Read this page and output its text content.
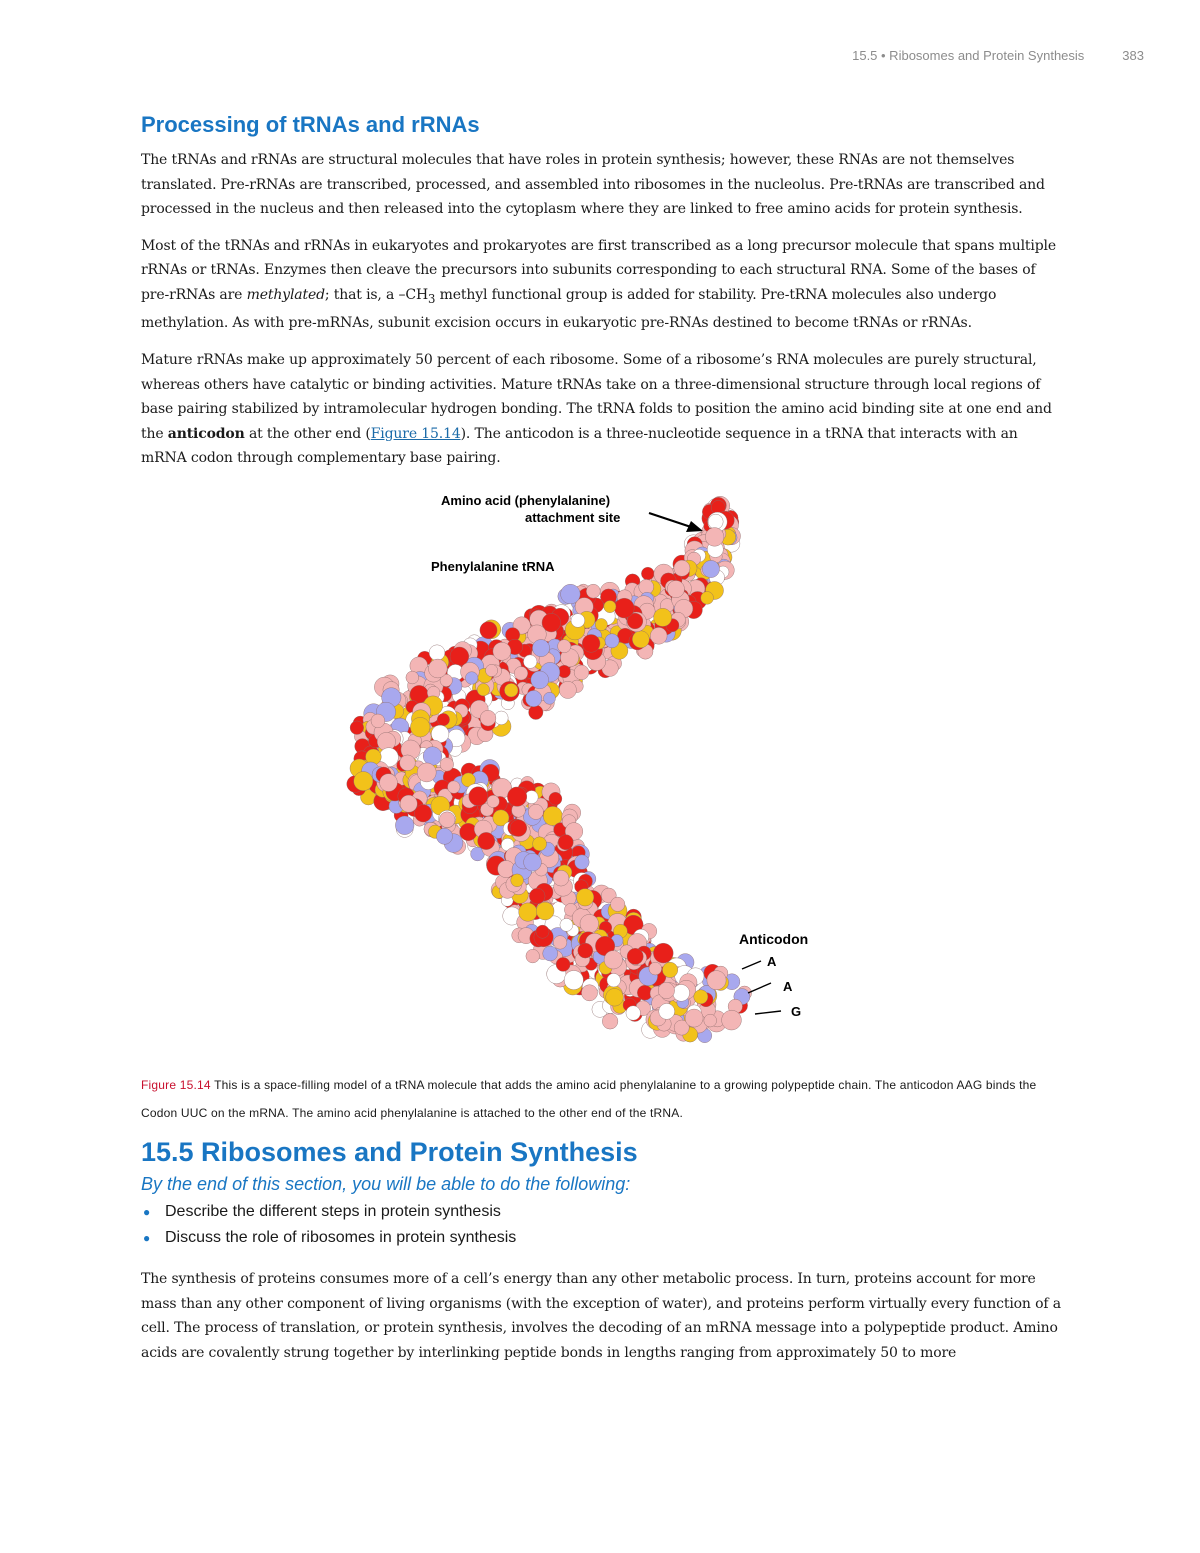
15.5 • Ribosomes and Protein Synthesis	383
Processing of tRNAs and rRNAs

The tRNAs and rRNAs are structural molecules that have roles in protein synthesis; however, these RNAs are not themselves translated. Pre-rRNAs are transcribed, processed, and assembled into ribosomes in the nucleolus. Pre-tRNAs are transcribed and processed in the nucleus and then released into the cytoplasm where they are linked to free amino acids for protein synthesis.

Most of the tRNAs and rRNAs in eukaryotes and prokaryotes are first transcribed as a long precursor molecule that spans multiple rRNAs or tRNAs. Enzymes then cleave the precursors into subunits corresponding to each structural RNA. Some of the bases of pre-rRNAs are methylated; that is, a $-CH_3$ methyl functional group is added for stability. Pre-tRNA molecules also undergo methylation. As with pre-mRNAs, subunit excision occurs in eukaryotic pre-RNAs destined to become tRNAs or rRNAs.

Mature rRNAs make up approximately 50 percent of each ribosome. Some of a ribosome’s RNA molecules are purely structural, whereas others have catalytic or binding activities. Mature tRNAs take on a three-dimensional structure through local regions of base pairing stabilized by intramolecular hydrogen bonding. The tRNA folds to position the amino acid binding site at one end and the anticodon at the other end (Figure 15.14). The anticodon is a three-nucleotide sequence in a tRNA that interacts with an mRNA codon through complementary base pairing.

Amino acid (phenylalanine)
attachment site
Phenylalanine tRNA
Anticodon
A
A
G

Figure 15.14 This is a space-filling model of a tRNA molecule that adds the amino acid phenylalanine to a growing polypeptide chain. The anticodon AAG binds the Codon UUC on the mRNA. The amino acid phenylalanine is attached to the other end of the tRNA.

15.5 Ribosomes and Protein Synthesis

By the end of this section, you will be able to do the following:

● Describe the different steps in protein synthesis
● Discuss the role of ribosomes in protein synthesis

The synthesis of proteins consumes more of a cell’s energy than any other metabolic process. In turn, proteins account for more mass than any other component of living organisms (with the exception of water), and proteins perform virtually every function of a cell. The process of translation, or protein synthesis, involves the decoding of an mRNA message into a polypeptide product. Amino acids are covalently strung together by interlinking peptide bonds in lengths ranging from approximately 50 to more
